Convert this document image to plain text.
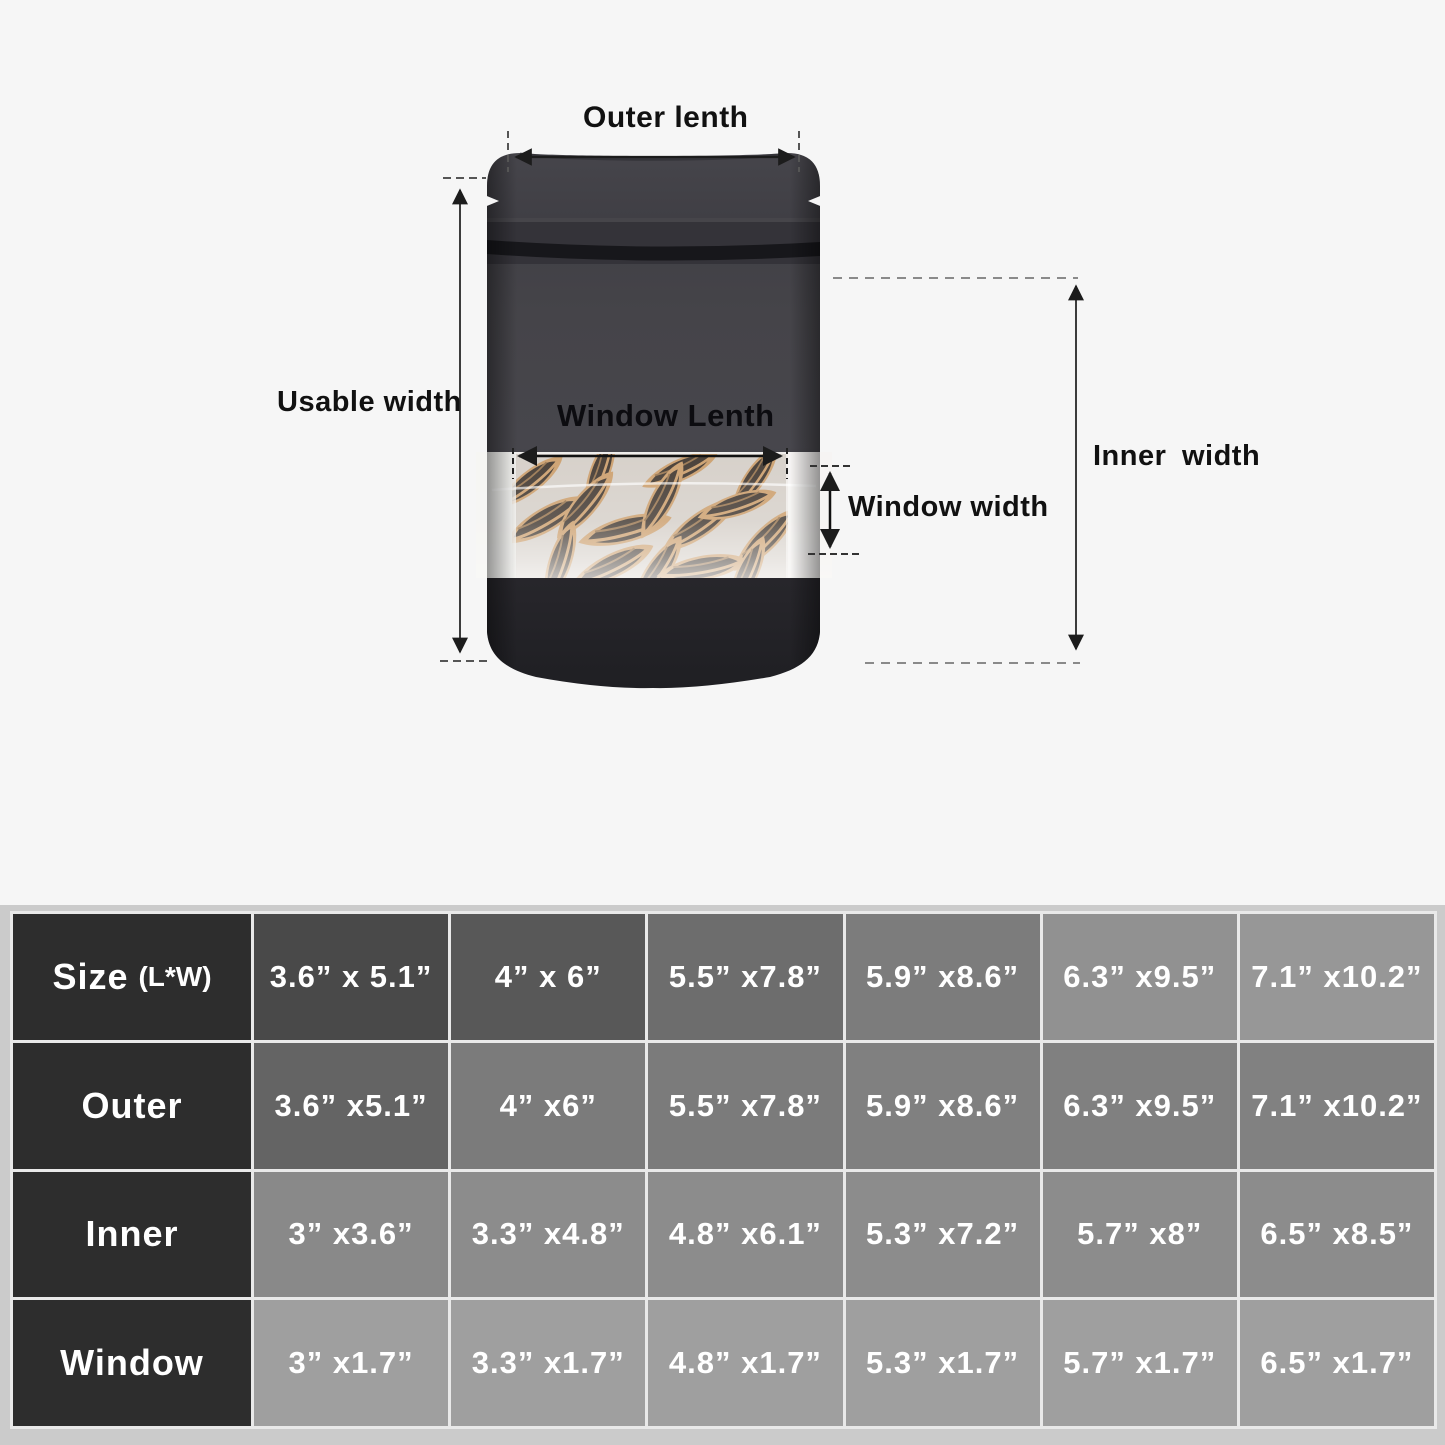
Outer lenth
Usable width	Window Lenth
Window width
Inner width
Size (L*W)	3.6” x 5.1”	4” x 6”	5.5” x7.8”	5.9” x8.6”	6.3” x9.5”	7.1” x10.2”
Outer	3.6” x5.1”	4” x6”	5.5” x7.8”	5.9” x8.6”	6.3” x9.5”	7.1” x10.2”
Inner	3” x3.6”	3.3” x4.8”	4.8” x6.1”	5.3” x7.2”	5.7” x8”	6.5” x8.5”
Window	3” x1.7”	3.3” x1.7”	4.8” x1.7”	5.3” x1.7”	5.7” x1.7”	6.5” x1.7”
